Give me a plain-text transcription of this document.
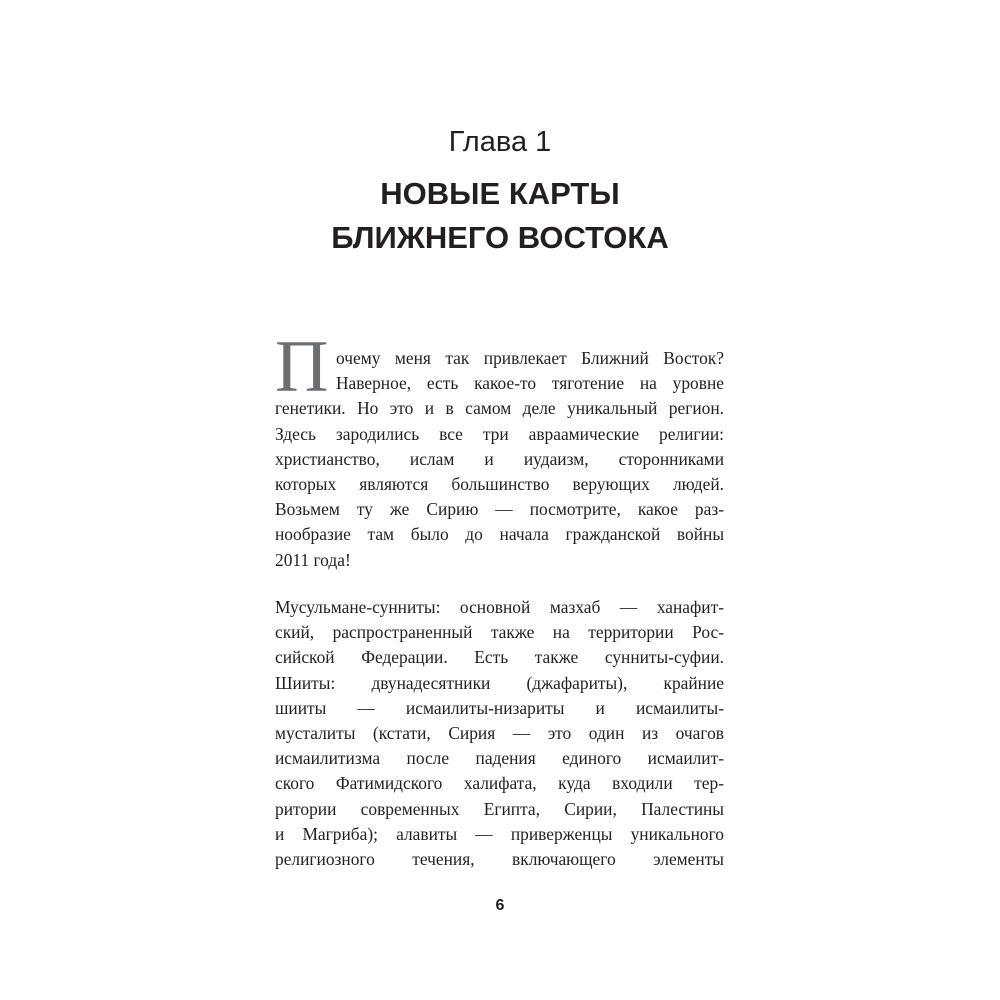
Глава 1
НОВЫЕ КАРТЫ
БЛИЖНЕГО ВОСТОКА
П очему меня так привлекает Ближний Восток?
Наверное, есть какое-то тяготение на уровне
генетики. Но это и в самом деле уникальный регион.
Здесь зародились все три авраамические религии:
христианство, ислам и иудаизм, сторонниками
которых являются большинство верующих людей.
Возьмем ту же Сирию — посмотрите, какое раз-
нообразие там было до начала гражданской войны
2011 года!
Мусульмане-сунниты: основной мазхаб — ханафит-
ский, распространенный также на территории Рос-
сийской Федерации. Есть также сунниты-суфии.
Шииты: двунадесятники (джафариты), крайние
шииты — исмаилиты-низариты и исмаилиты-
мусталиты (кстати, Сирия — это один из очагов
исмаилитизма после падения единого исмаилит-
ского Фатимидского халифата, куда входили тер-
ритории современных Египта, Сирии, Палестины
и Магриба); алавиты — приверженцы уникального
религиозного течения, включающего элементы
6
